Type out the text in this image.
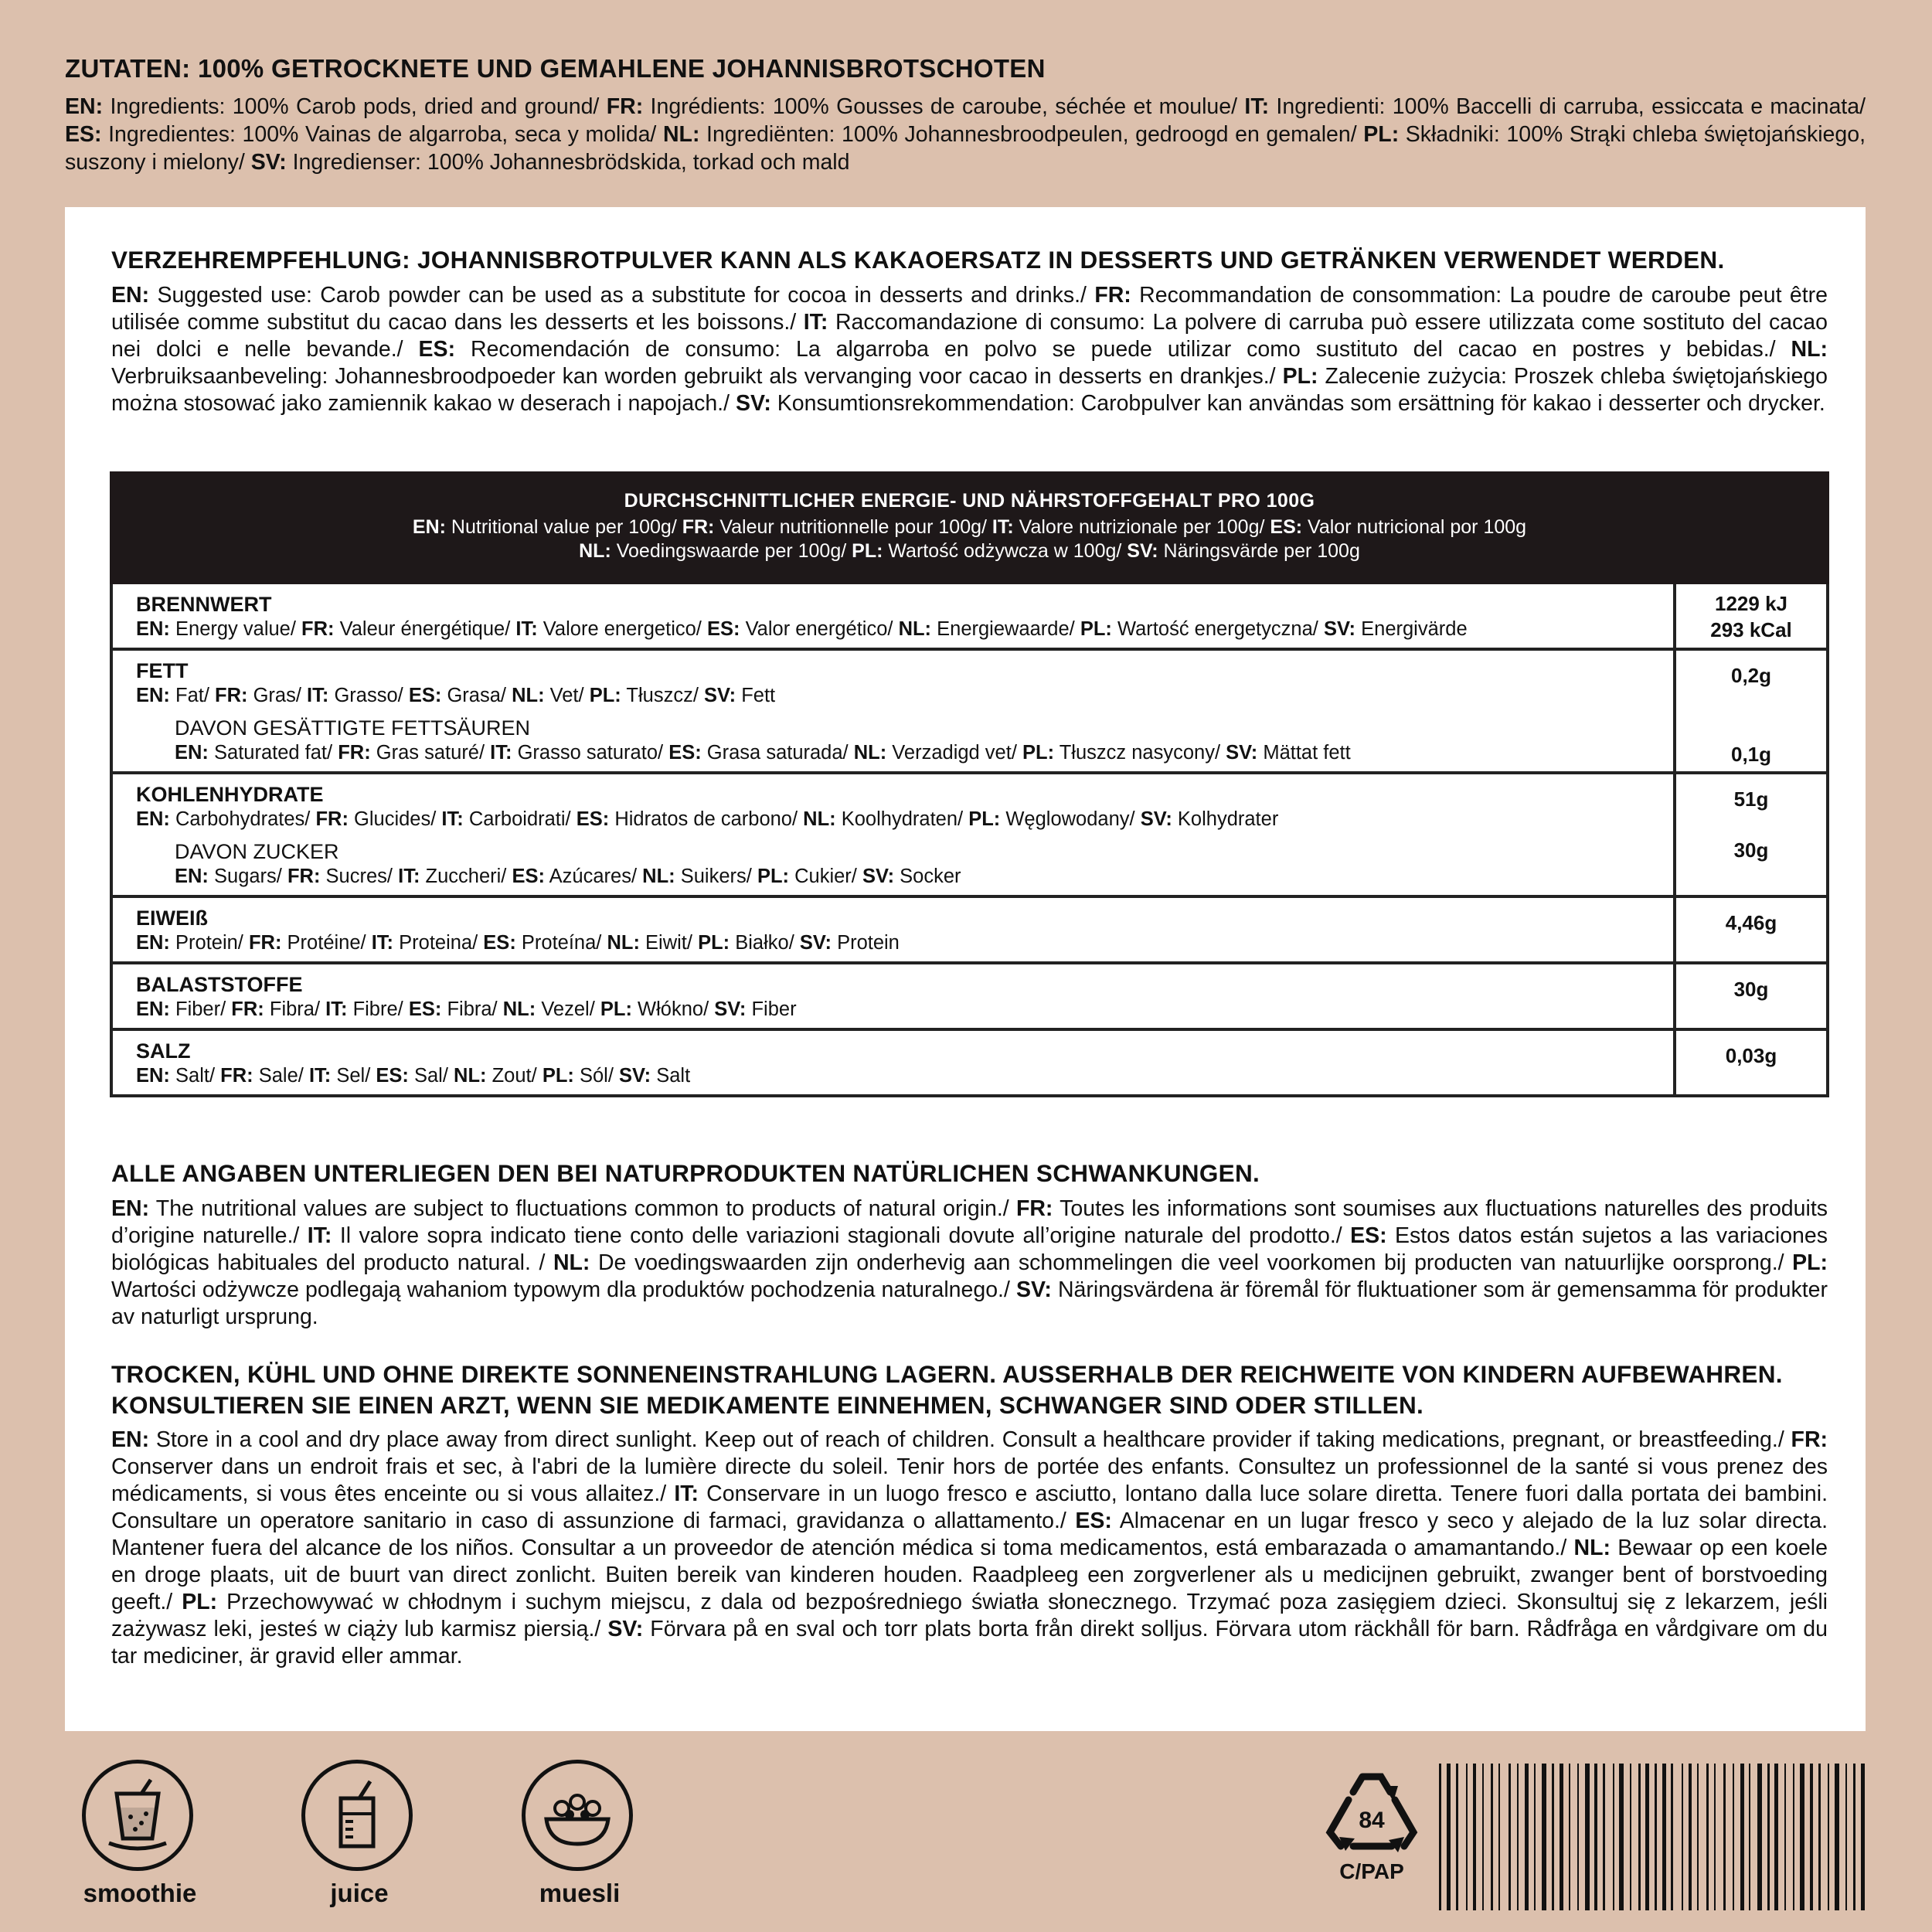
ZUTATEN: 100% GETROCKNETE UND GEMAHLENE JOHANNISBROTSCHOTEN

EN: Ingredients: 100% Carob pods, dried and ground/ FR: Ingrédients: 100% Gousses de caroube, séchée et moulue/ IT: Ingredienti: 100% Baccelli di carruba, essiccata e macinata/ ES: Ingredientes: 100% Vainas de algarroba, seca y molida/ NL: Ingrediënten: 100% Johannesbroodpeulen, gedroogd en gemalen/ PL: Składniki: 100% Strąki chleba świętojańskiego, suszony i mielony/ SV: Ingredienser: 100% Johannesbrödskida, torkad och mald

VERZEHREMPFEHLUNG: JOHANNISBROTPULVER KANN ALS KAKAOERSATZ IN DESSERTS UND GETRÄNKEN VERWENDET WERDEN.

EN: Suggested use: Carob powder can be used as a substitute for cocoa in desserts and drinks./ FR: Recommandation de consommation: La poudre de caroube peut être utilisée comme substitut du cacao dans les desserts et les boissons./ IT: Raccomandazione di consumo: La polvere di carruba può essere utilizzata come sostituto del cacao nei dolci e nelle bevande./ ES: Recomendación de consumo: La algarroba en polvo se puede utilizar como sustituto del cacao en postres y bebidas./ NL: Verbruiksaanbeveling: Johannesbroodpoeder kan worden gebruikt als vervanging voor cacao in desserts en drankjes./ PL: Zalecenie zużycia: Proszek chleba świętojańskiego można stosować jako zamiennik kakao w deserach i napojach./ SV: Konsumtionsrekommendation: Carobpulver kan användas som ersättning för kakao i desserter och drycker.

DURCHSCHNITTLICHER ENERGIE- UND NÄHRSTOFFGEHALT PRO 100G
EN: Nutritional value per 100g/ FR: Valeur nutritionnelle pour 100g/ IT: Valore nutrizionale per 100g/ ES: Valor nutricional por 100g
NL: Voedingswaarde per 100g/ PL: Wartość odżywcza w 100g/ SV: Näringsvärde per 100g
BRENNWERT
EN: Energy value/ FR: Valeur énergétique/ IT: Valore energetico/ ES: Valor energético/ NL: Energiewaarde/ PL: Wartość energetyczna/ SV: Energivärde
1229 kJ
293 kCal
FETT
EN: Fat/ FR: Gras/ IT: Grasso/ ES: Grasa/ NL: Vet/ PL: Tłuszcz/ SV: Fett
DAVON GESÄTTIGTE FETTSÄUREN
EN: Saturated fat/ FR: Gras saturé/ IT: Grasso saturato/ ES: Grasa saturada/ NL: Verzadigd vet/ PL: Tłuszcz nasycony/ SV: Mättat fett
0,2g
0,1g
KOHLENHYDRATE
EN: Carbohydrates/ FR: Glucides/ IT: Carboidrati/ ES: Hidratos de carbono/ NL: Koolhydraten/ PL: Węglowodany/ SV: Kolhydrater
DAVON ZUCKER
EN: Sugars/ FR: Sucres/ IT: Zuccheri/ ES: Azúcares/ NL: Suikers/ PL: Cukier/ SV: Socker
51g
30g
EIWEIß
EN: Protein/ FR: Protéine/ IT: Proteina/ ES: Proteína/ NL: Eiwit/ PL: Białko/ SV: Protein
4,46g
BALASTSTOFFE
EN: Fiber/ FR: Fibra/ IT: Fibre/ ES: Fibra/ NL: Vezel/ PL: Włókno/ SV: Fiber
30g
SALZ
EN: Salt/ FR: Sale/ IT: Sel/ ES: Sal/ NL: Zout/ PL: Sól/ SV: Salt
0,03g
ALLE ANGABEN UNTERLIEGEN DEN BEI NATURPRODUKTEN NATÜRLICHEN SCHWANKUNGEN.

EN: The nutritional values are subject to fluctuations common to products of natural origin./ FR: Toutes les informations sont soumises aux fluctuations naturelles des produits d’origine naturelle./ IT: Il valore sopra indicato tiene conto delle variazioni stagionali dovute all’origine naturale del prodotto./ ES: Estos datos están sujetos a las variaciones biológicas habituales del producto natural. / NL: De voedingswaarden zijn onderhevig aan schommelingen die veel voorkomen bij producten van natuurlijke oorsprong./ PL: Wartości odżywcze podlegają wahaniom typowym dla produktów pochodzenia naturalnego./ SV: Näringsvärdena är föremål för fluktuationer som är gemensamma för produkter av naturligt ursprung.

TROCKEN, KÜHL UND OHNE DIREKTE SONNENEINSTRAHLUNG LAGERN. AUSSERHALB DER REICHWEITE VON KINDERN AUFBEWAHREN.
KONSULTIEREN SIE EINEN ARZT, WENN SIE MEDIKAMENTE EINNEHMEN, SCHWANGER SIND ODER STILLEN.

EN: Store in a cool and dry place away from direct sunlight. Keep out of reach of children. Consult a healthcare provider if taking medications, pregnant, or breastfeeding./ FR: Conserver dans un endroit frais et sec, à l'abri de la lumière directe du soleil. Tenir hors de portée des enfants. Consultez un professionnel de la santé si vous prenez des médicaments, si vous êtes enceinte ou si vous allaitez./ IT: Conservare in un luogo fresco e asciutto, lontano dalla luce solare diretta. Tenere fuori dalla portata dei bambini. Consultare un operatore sanitario in caso di assunzione di farmaci, gravidanza o allattamento./ ES: Almacenar en un lugar fresco y seco y alejado de la luz solar directa. Mantener fuera del alcance de los niños. Consultar a un proveedor de atención médica si toma medicamentos, está embarazada o amamantando./ NL: Bewaar op een koele en droge plaats, uit de buurt van direct zonlicht. Buiten bereik van kinderen houden. Raadpleeg een zorgverlener als u medicijnen gebruikt, zwanger bent of borstvoeding geeft./ PL: Przechowywać w chłodnym i suchym miejscu, z dala od bezpośredniego światła słonecznego. Trzymać poza zasięgiem dzieci. Skonsultuj się z lekarzem, jeśli zażywasz leki, jesteś w ciąży lub karmisz piersią./ SV: Förvara på en sval och torr plats borta från direkt solljus. Förvara utom räckhåll för barn. Rådfråga en vårdgivare om du tar mediciner, är gravid eller ammar.

smoothie	juice	muesli
84
C/PAP
